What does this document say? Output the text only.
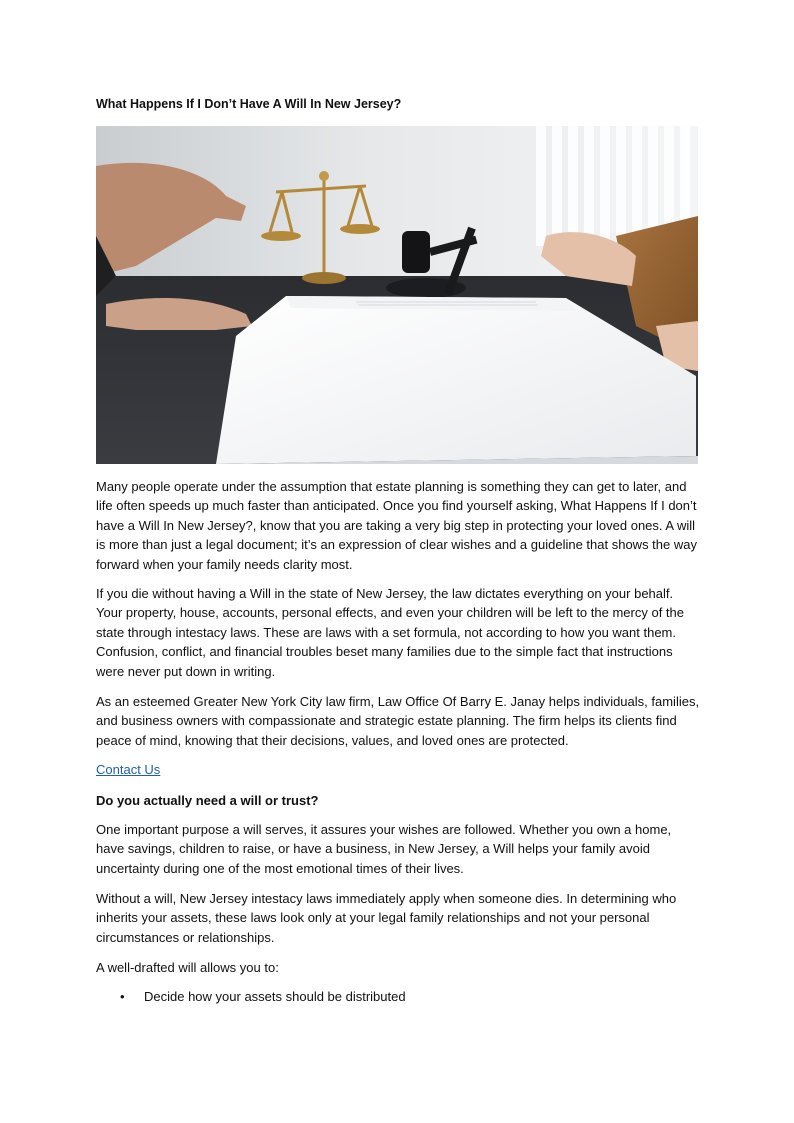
What Happens If I Don’t Have A Will In New Jersey?

Many people operate under the assumption that estate planning is something they can get to later, and life often speeds up much faster than anticipated. Once you find yourself asking, What Happens If I don’t have a Will In New Jersey?, know that you are taking a very big step in protecting your loved ones. A will is more than just a legal document; it’s an expression of clear wishes and a guideline that shows the way forward when your family needs clarity most.

If you die without having a Will in the state of New Jersey, the law dictates everything on your behalf. Your property, house, accounts, personal effects, and even your children will be left to the mercy of the state through intestacy laws. These are laws with a set formula, not according to how you want them. Confusion, conflict, and financial troubles beset many families due to the simple fact that instructions were never put down in writing.

As an esteemed Greater New York City law firm, Law Office Of Barry E. Janay helps individuals, families, and business owners with compassionate and strategic estate planning. The firm helps its clients find peace of mind, knowing that their decisions, values, and loved ones are protected.

Contact Us

Do you actually need a will or trust?

One important purpose a will serves, it assures your wishes are followed. Whether you own a home, have savings, children to raise, or have a business, in New Jersey, a Will helps your family avoid uncertainty during one of the most emotional times of their lives.

Without a will, New Jersey intestacy laws immediately apply when someone dies. In determining who inherits your assets, these laws look only at your legal family relationships and not your personal circumstances or relationships.

A well-drafted will allows you to:

• Decide how your assets should be distributed
